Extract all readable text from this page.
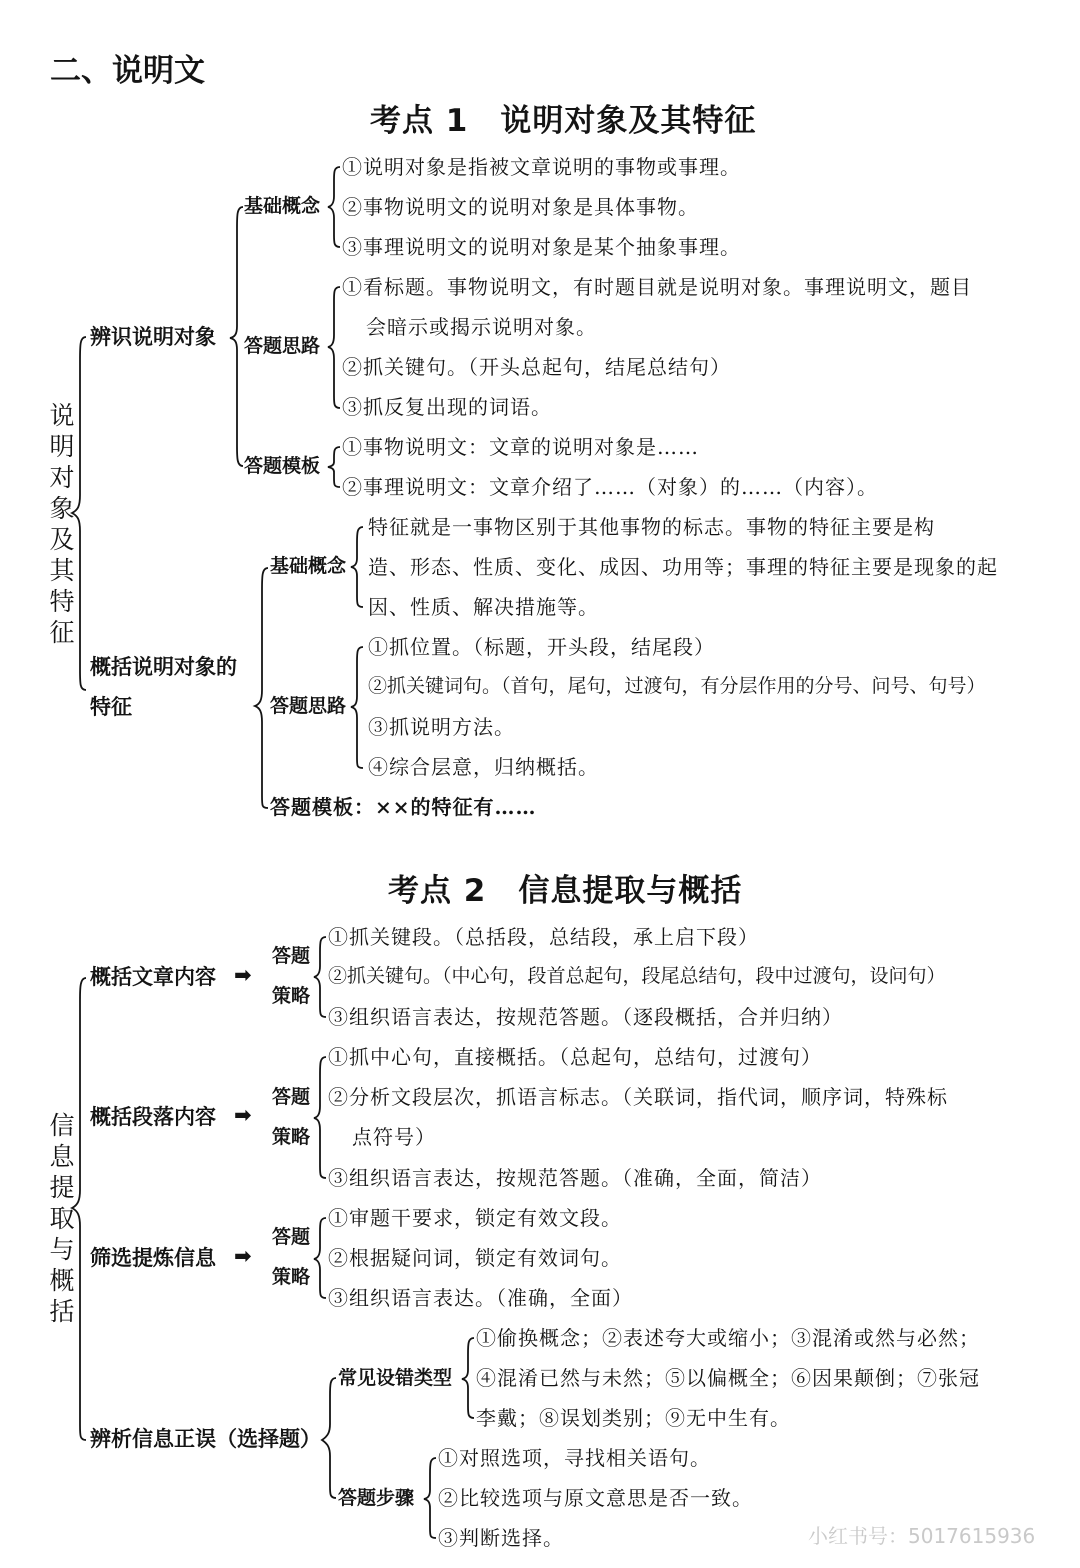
二、说明文
考点 1　说明对象及其特征
说明对象及其特征
辨识说明对象
基础概念
①说明对象是指被文章说明的事物或事理。
②事物说明文的说明对象是具体事物。
③事理说明文的说明对象是某个抽象事理。
答题思路
①看标题。事物说明文，有时题目就是说明对象。事理说明文，题目
会暗示或揭示说明对象。
②抓关键句。（开头总起句，结尾总结句）
③抓反复出现的词语。
答题模板
①事物说明文：文章的说明对象是……
②事理说明文：文章介绍了……（对象）的……（内容）。
概括说明对象的
特征
基础概念
特征就是一事物区别于其他事物的标志。事物的特征主要是构
造、形态、性质、变化、成因、功用等；事理的特征主要是现象的起
因、性质、解决措施等。
答题思路
①抓位置。（标题，开头段，结尾段）
②抓关键词句。（首句，尾句，过渡句，有分层作用的分号、问号、句号）
③抓说明方法。
④综合层意，归纳概括。
答题模板：××的特征有……
考点 2　信息提取与概括
信息提取与概括
概括文章内容 ➡
答题
策略
①抓关键段。（总括段，总结段，承上启下段）
②抓关键句。（中心句，段首总起句，段尾总结句，段中过渡句，设问句）
③组织语言表达，按规范答题。（逐段概括，合并归纳）
概括段落内容 ➡
答题
策略
①抓中心句，直接概括。（总起句，总结句，过渡句）
②分析文段层次，抓语言标志。（关联词，指代词，顺序词，特殊标
点符号）
③组织语言表达，按规范答题。（准确，全面，简洁）
筛选提炼信息 ➡
答题
策略
①审题干要求，锁定有效文段。
②根据疑问词，锁定有效词句。
③组织语言表达。（准确，全面）
辨析信息正误（选择题）
常见设错类型
①偷换概念；②表述夸大或缩小；③混淆或然与必然；
④混淆已然与未然；⑤以偏概全；⑥因果颠倒；⑦张冠
李戴；⑧误划类别；⑨无中生有。
答题步骤
①对照选项，寻找相关语句。
②比较选项与原文意思是否一致。
③判断选择。	小红书号：5017615936
